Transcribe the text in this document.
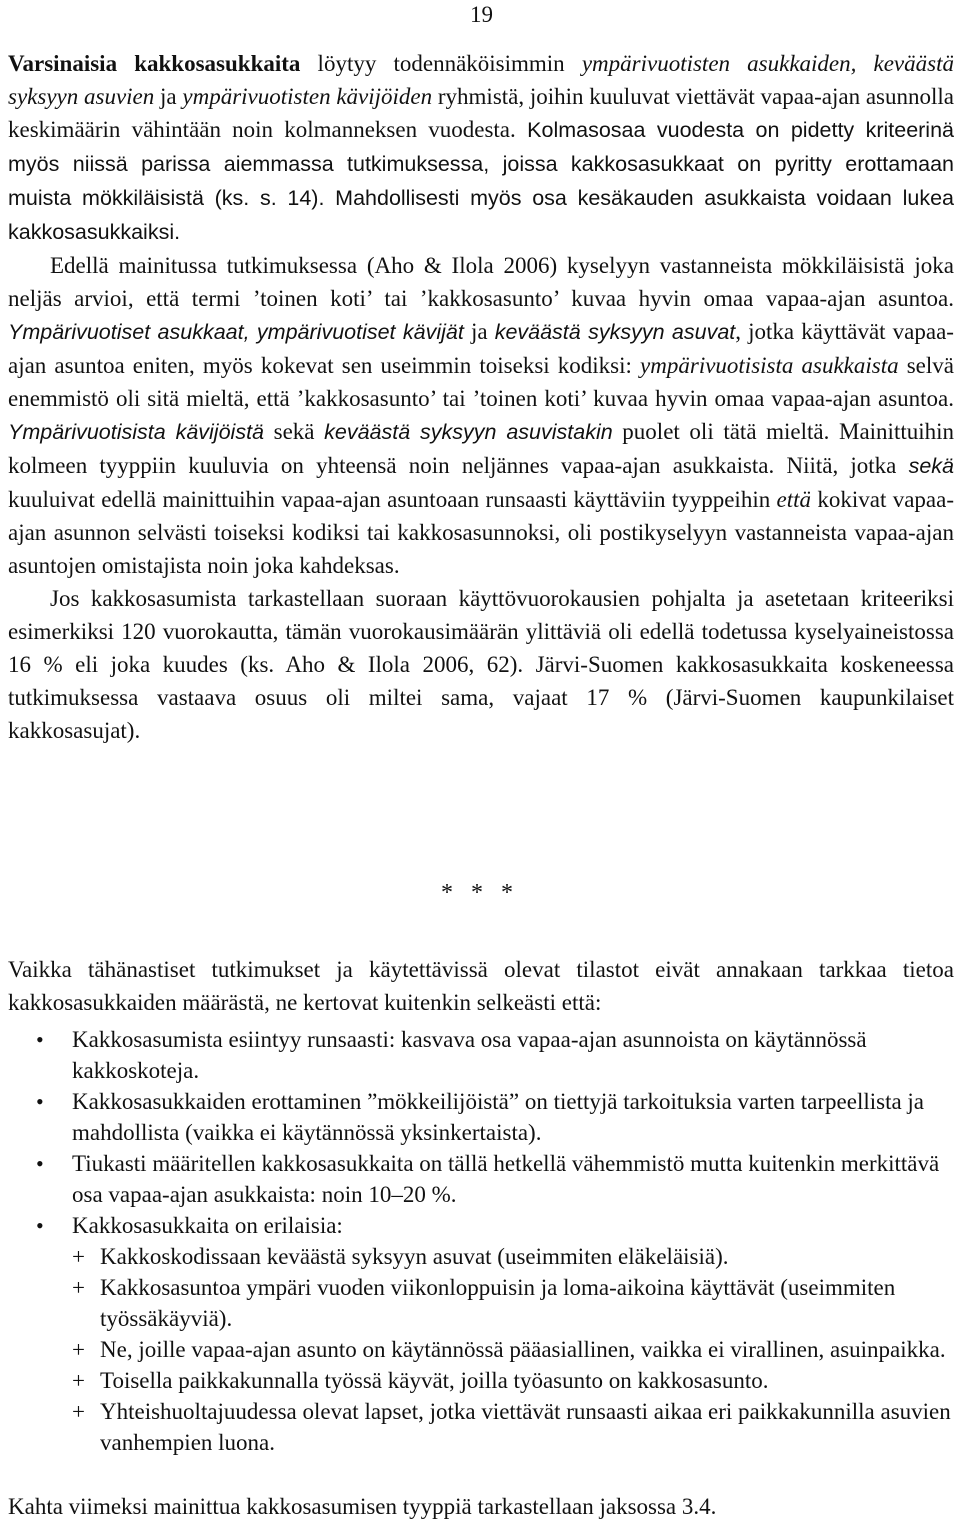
19

Varsinaisia kakkosasukkaita löytyy todennäköisimmin ympärivuotisten asukkaiden, keväästä syksyyn asuvien ja ympärivuotisten kävijöiden ryhmistä, joihin kuuluvat viettävät vapaa-ajan asunnolla keskimäärin vähintään noin kolmanneksen vuodesta. Kolmasosaa vuodesta on pidetty kriteerinä myös niissä parissa aiemmassa tutkimuksessa, joissa kakkosasukkaat on pyritty erottamaan muista mökkiläisistä (ks. s. 14). Mahdollisesti myös osa kesäkauden asukkaista voidaan lukea kakkosasukkaiksi.

Edellä mainitussa tutkimuksessa (Aho & Ilola 2006) kyselyyn vastanneista mökkiläisistä joka neljäs arvioi, että termi ’toinen koti’ tai ’kakkosasunto’ kuvaa hyvin omaa vapaa-ajan asuntoa. Ympärivuotiset asukkaat, ympärivuotiset kävijät ja keväästä syksyyn asuvat, jotka käyttävät vapaa-ajan asuntoa eniten, myös kokevat sen useimmin toiseksi kodiksi: ympärivuotisista asukkaista selvä enemmistö oli sitä mieltä, että ’kakkosasunto’ tai ’toinen koti’ kuvaa hyvin omaa vapaa-ajan asuntoa. Ympärivuotisista kävijöistä sekä keväästä syksyyn asuvistakin puolet oli tätä mieltä. Mainittuihin kolmeen tyyppiin kuuluvia on yhteensä noin neljännes vapaa-ajan asukkaista. Niitä, jotka sekä kuuluivat edellä mainittuihin vapaa-ajan asuntoaan runsaasti käyttäviin tyyppeihin että kokivat vapaa-ajan asunnon selvästi toiseksi kodiksi tai kakkosasunnoksi, oli postikyselyyn vastanneista vapaa-ajan asuntojen omistajista noin joka kahdeksas.

Jos kakkosasumista tarkastellaan suoraan käyttövuorokausien pohjalta ja asetetaan kriteeriksi esimerkiksi 120 vuorokautta, tämän vuorokausimäärän ylittäviä oli edellä todetussa kyselyaineistossa 16 % eli joka kuudes (ks. Aho & Ilola 2006, 62). Järvi-Suomen kakkosasukkaita koskeneessa tutkimuksessa vastaava osuus oli miltei sama, vajaat 17 % (Järvi-Suomen kaupunkilaiset kakkosasujat).

* * *

Vaikka tähänastiset tutkimukset ja käytettävissä olevat tilastot eivät annakaan tarkkaa tietoa kakkosasukkaiden määrästä, ne kertovat kuitenkin selkeästi että:

• Kakkosasumista esiintyy runsaasti: kasvava osa vapaa-ajan asunnoista on käytännössä kakkoskoteja.
• Kakkosasukkaiden erottaminen ”mökkeilijöistä” on tiettyjä tarkoituksia varten tarpeellista ja mahdollista (vaikka ei käytännössä yksinkertaista).
• Tiukasti määritellen kakkosasukkaita on tällä hetkellä vähemmistö mutta kuitenkin merkittävä osa vapaa-ajan asukkaista: noin 10–20 %.
• Kakkosasukkaita on erilaisia:
+ Kakkoskodissaan keväästä syksyyn asuvat (useimmiten eläkeläisiä).
+ Kakkosasuntoa ympäri vuoden viikonloppuisin ja loma-aikoina käyttävät (useimmiten työssäkäyviä).
+ Ne, joille vapaa-ajan asunto on käytännössä pääasiallinen, vaikka ei virallinen, asuinpaikka.
+ Toisella paikkakunnalla työssä käyvät, joilla työasunto on kakkosasunto.
+ Yhteishuoltajuudessa olevat lapset, jotka viettävät runsaasti aikaa eri paikkakunnilla asuvien vanhempien luona.

Kahta viimeksi mainittua kakkosasumisen tyyppiä tarkastellaan jaksossa 3.4.
